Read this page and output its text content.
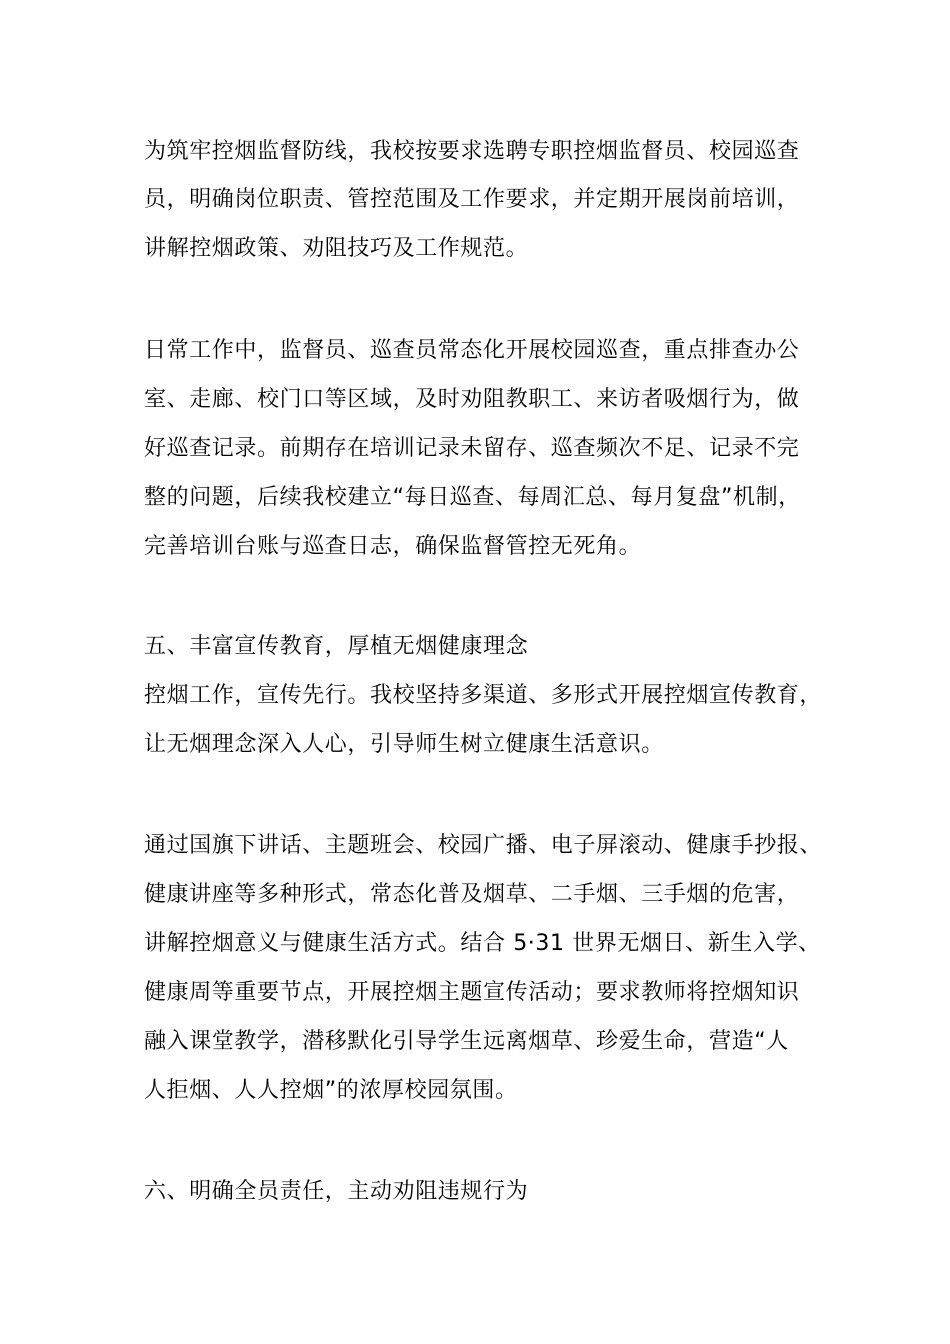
为筑牢控烟监督防线，我校按要求选聘专职控烟监督员、校园巡查
员，明确岗位职责、管控范围及工作要求，并定期开展岗前培训，
讲解控烟政策、劝阻技巧及工作规范。
日常工作中，监督员、巡查员常态化开展校园巡查，重点排查办公
室、走廊、校门口等区域，及时劝阻教职工、来访者吸烟行为，做
好巡查记录。前期存在培训记录未留存、巡查频次不足、记录不完
整的问题，后续我校建立“每日巡查、每周汇总、每月复盘”机制，
完善培训台账与巡查日志，确保监督管控无死角。
五、丰富宣传教育，厚植无烟健康理念
控烟工作，宣传先行。我校坚持多渠道、多形式开展控烟宣传教育，
让无烟理念深入人心，引导师生树立健康生活意识。
通过国旗下讲话、主题班会、校园广播、电子屏滚动、健康手抄报、
健康讲座等多种形式，常态化普及烟草、二手烟、三手烟的危害，
讲解控烟意义与健康生活方式。结合 5·31 世界无烟日、新生入学、
健康周等重要节点，开展控烟主题宣传活动；要求教师将控烟知识
融入课堂教学，潜移默化引导学生远离烟草、珍爱生命，营造“人
人拒烟、人人控烟”的浓厚校园氛围。
六、明确全员责任，主动劝阻违规行为
